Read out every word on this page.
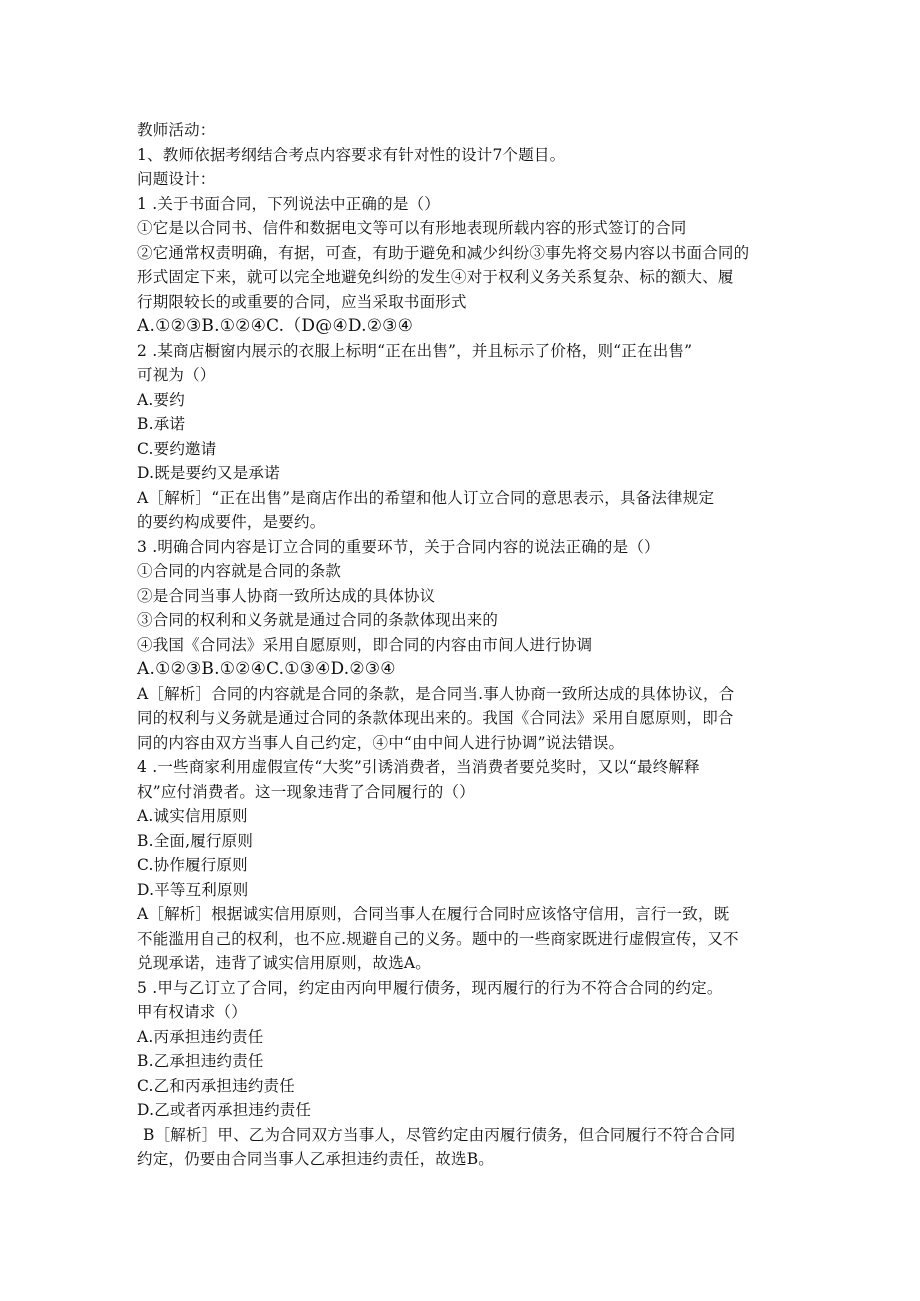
教师活动：
1、教师依据考纲结合考点内容要求有针对性的设计7个题目。
问题设计：
1 .关于书面合同，下列说法中正确的是（）
①它是以合同书、信件和数据电文等可以有形地表现所载内容的形式签订的合同
②它通常权责明确，有据，可查，有助于避免和减少纠纷③事先将交易内容以书面合同的
形式固定下来，就可以完全地避免纠纷的发生④对于权利义务关系复杂、标的额大、履
行期限较长的或重要的合同，应当采取书面形式
A.①②③B.①②④C.（D@④D.②③④
2 .某商店橱窗内展示的衣服上标明“正在出售”，并且标示了价格，则“正在出售”
可视为（）
A.要约
B.承诺
C.要约邀请
D.既是要约又是承诺
A［解析］“正在出售”是商店作出的希望和他人订立合同的意思表示，具备法律规定
的要约构成要件，是要约。
3 .明确合同内容是订立合同的重要环节，关于合同内容的说法正确的是（）
①合同的内容就是合同的条款
②是合同当事人协商一致所达成的具体协议
③合同的权利和义务就是通过合同的条款体现出来的
④我国《合同法》采用自愿原则，即合同的内容由市间人进行协调
A.①②③B.①②④C.①③④D.②③④
A［解析］合同的内容就是合同的条款，是合同当.事人协商一致所达成的具体协议，合
同的权利与义务就是通过合同的条款体现出来的。我国《合同法》采用自愿原则，即合
同的内容由双方当事人自己约定，④中“由中间人进行协调”说法错误。
4 .一些商家利用虚假宣传“大奖”引诱消费者，当消费者要兑奖时，又以“最终解释
权”应付消费者。这一现象违背了合同履行的（）
A.诚实信用原则
B.全面,履行原则
C.协作履行原则
D.平等互利原则
A［解析］根据诚实信用原则，合同当事人在履行合同时应该恪守信用，言行一致，既
不能滥用自己的权利，也不应.规避自己的义务。题中的一些商家既进行虚假宣传，又不
兑现承诺，违背了诚实信用原则，故选A。
5 .甲与乙订立了合同，约定由丙向甲履行债务，现丙履行的行为不符合合同的约定。
甲有权请求（）
A.丙承担违约责任
B.乙承担违约责任
C.乙和丙承担违约责任
D.乙或者丙承担违约责任
B［解析］甲、乙为合同双方当事人，尽管约定由丙履行债务，但合同履行不符合合同
约定，仍要由合同当事人乙承担违约责任，故选B。
